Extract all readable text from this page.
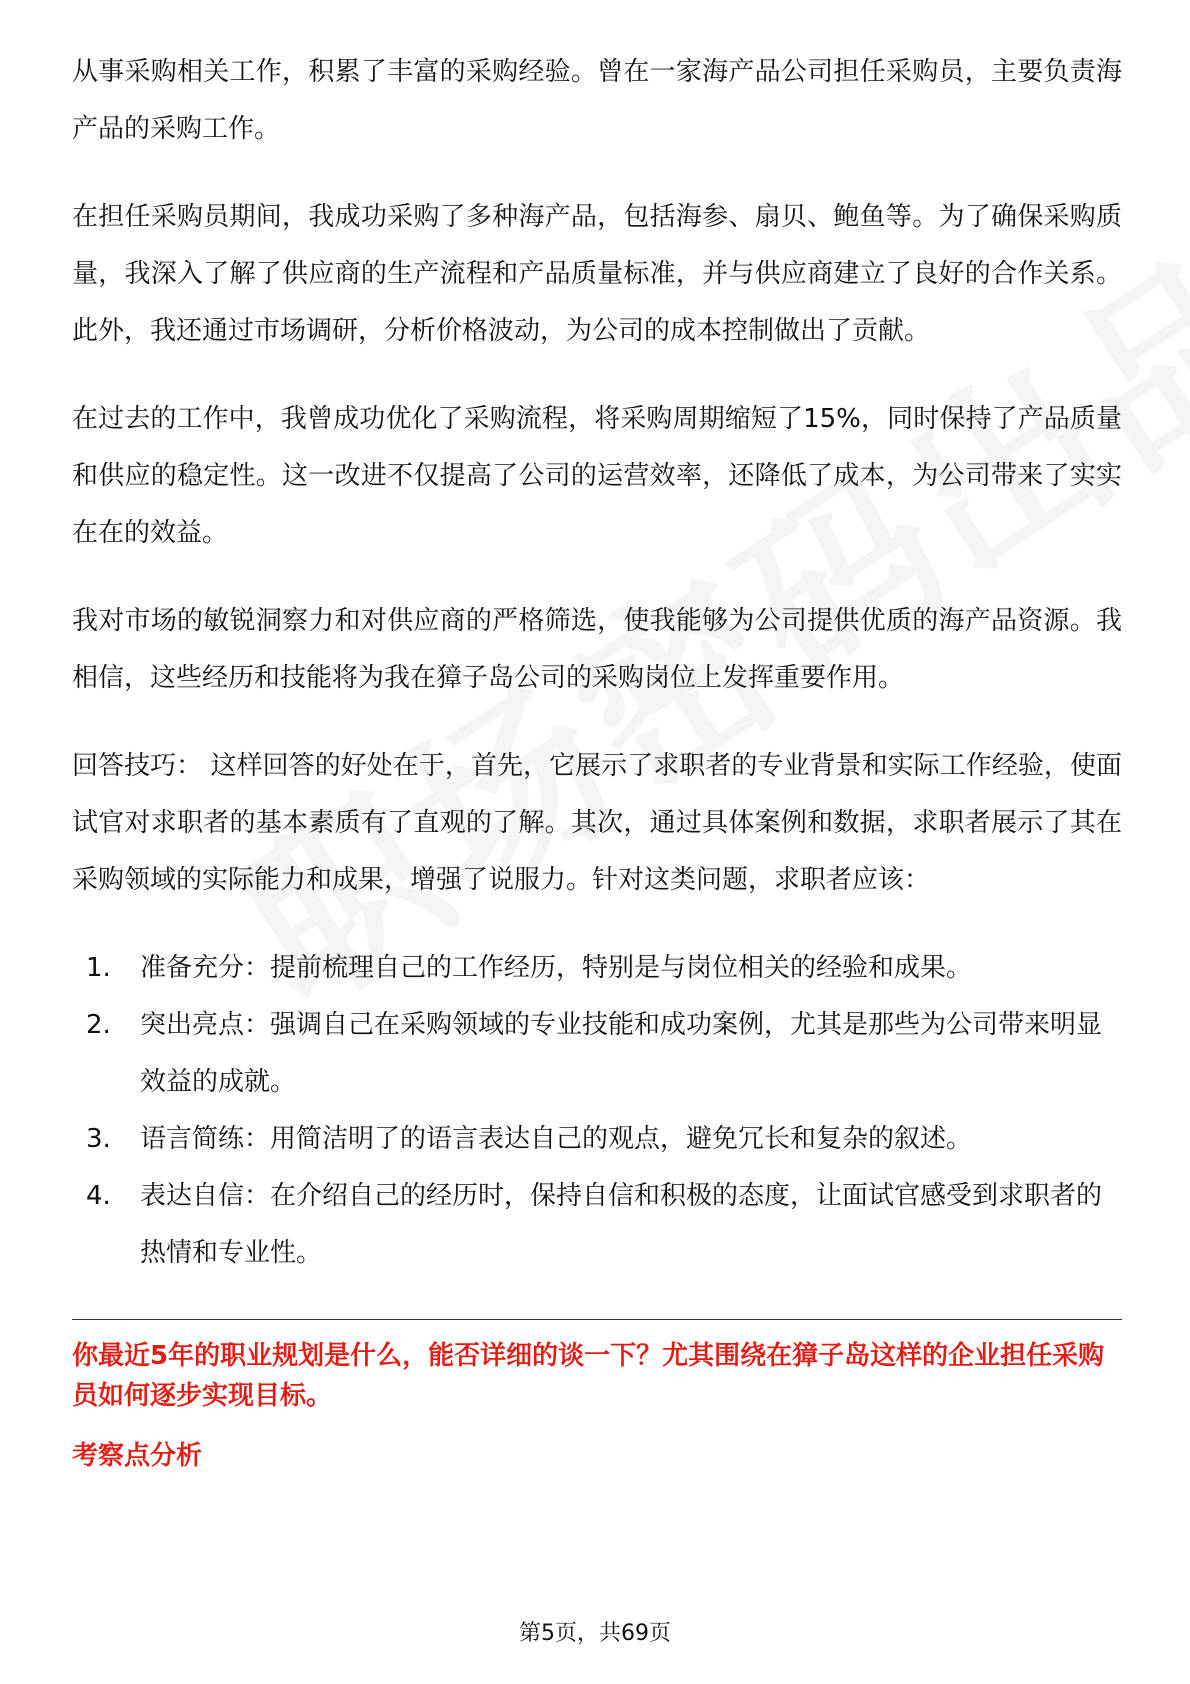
从事采购相关工作，积累了丰富的采购经验。曾在一家海产品公司担任采购员，主要负责海产品的采购工作。

在担任采购员期间，我成功采购了多种海产品，包括海参、扇贝、鲍鱼等。为了确保采购质量，我深入了解了供应商的生产流程和产品质量标准，并与供应商建立了良好的合作关系。此外，我还通过市场调研，分析价格波动，为公司的成本控制做出了贡献。

在过去的工作中，我曾成功优化了采购流程，将采购周期缩短了15%，同时保持了产品质量和供应的稳定性。这一改进不仅提高了公司的运营效率，还降低了成本，为公司带来了实实在在的效益。

我对市场的敏锐洞察力和对供应商的严格筛选，使我能够为公司提供优质的海产品资源。我相信，这些经历和技能将为我在獐子岛公司的采购岗位上发挥重要作用。

回答技巧： 这样回答的好处在于，首先，它展示了求职者的专业背景和实际工作经验，使面试官对求职者的基本素质有了直观的了解。其次，通过具体案例和数据，求职者展示了其在采购领域的实际能力和成果，增强了说服力。针对这类问题，求职者应该：

1.	准备充分：提前梳理自己的工作经历，特别是与岗位相关的经验和成果。
2.	突出亮点：强调自己在采购领域的专业技能和成功案例，尤其是那些为公司带来明显效益的成就。
3.	语言简练：用简洁明了的语言表达自己的观点，避免冗长和复杂的叙述。
4.	表达自信：在介绍自己的经历时，保持自信和积极的态度，让面试官感受到求职者的热情和专业性。

你最近5年的职业规划是什么，能否详细的谈一下？尤其围绕在獐子岛这样的企业担任采购员如何逐步实现目标。

考察点分析

第5页，共69页
